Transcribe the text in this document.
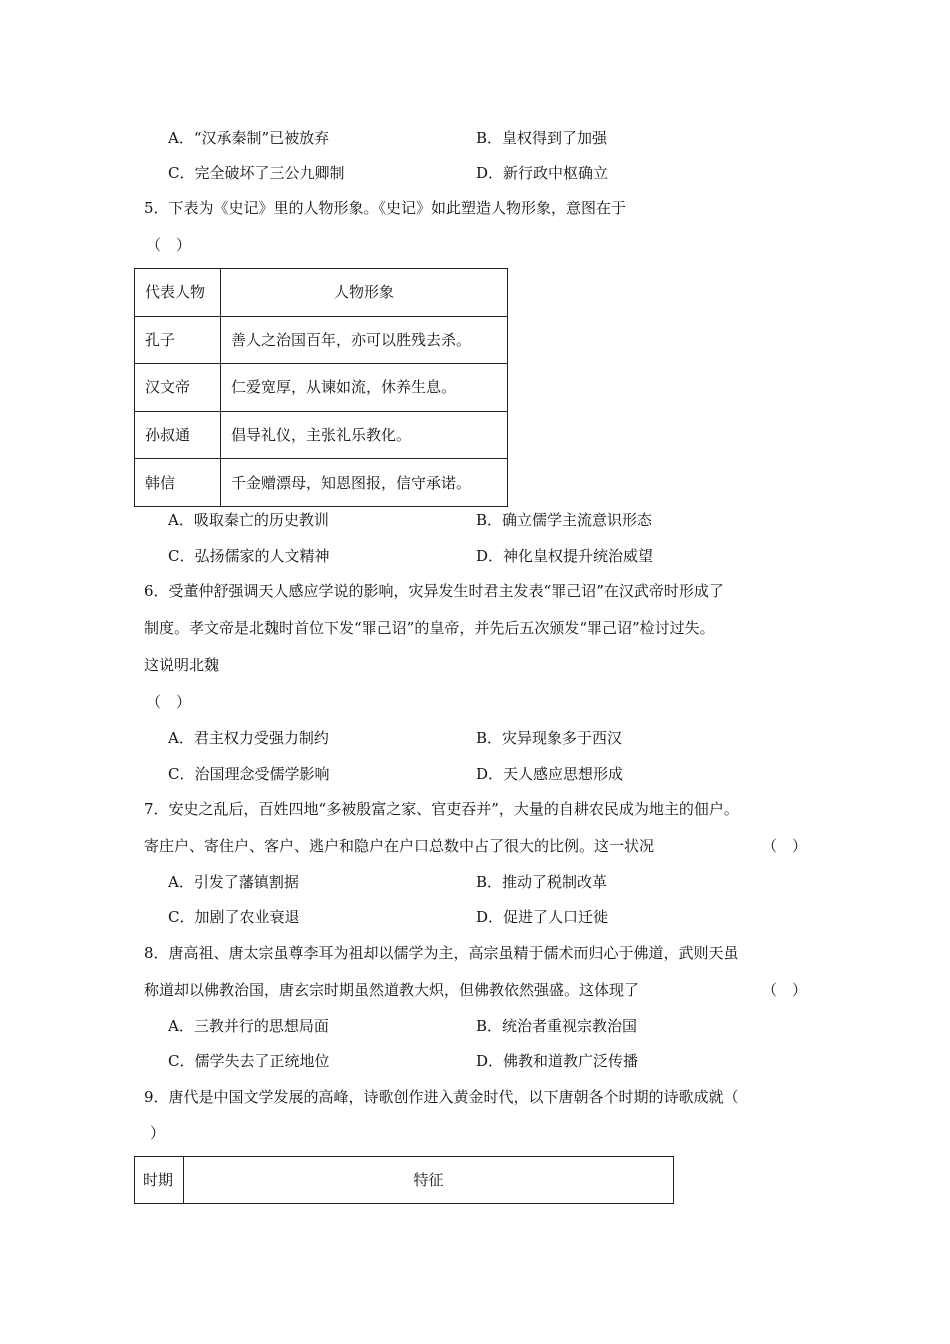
A．“汉承秦制”已被放弃	B．皇权得到了加强
C．完全破坏了三公九卿制	D．新行政中枢确立
5．下表为《史记》里的人物形象。《史记》如此塑造人物形象，意图在于
（　）
代表人物	人物形象
孔子	善人之治国百年，亦可以胜残去杀。
汉文帝	仁爱宽厚，从谏如流，休养生息。
孙叔通	倡导礼仪，主张礼乐教化。
韩信	千金赠漂母，知恩图报，信守承诺。
A．吸取秦亡的历史教训	B．确立儒学主流意识形态
C．弘扬儒家的人文精神	D．神化皇权提升统治威望
6．受董仲舒强调天人感应学说的影响，灾异发生时君主发表“罪己诏”在汉武帝时形成了
制度。孝文帝是北魏时首位下发“罪己诏”的皇帝，并先后五次颁发“罪己诏”检讨过失。
这说明北魏
（　）
A．君主权力受强力制约	B．灾异现象多于西汉
C．治国理念受儒学影响	D．天人感应思想形成
7．安史之乱后，百姓四地“多被殷富之家、官吏吞并”，大量的自耕农民成为地主的佃户。
寄庄户、寄住户、客户、逃户和隐户在户口总数中占了很大的比例。这一状况	（　）
A．引发了藩镇割据	B．推动了税制改革
C．加剧了农业衰退	D．促进了人口迁徙
8．唐高祖、唐太宗虽尊李耳为祖却以儒学为主，高宗虽精于儒术而归心于佛道，武则天虽
称道却以佛教治国，唐玄宗时期虽然道教大炽，但佛教依然强盛。这体现了	（　）
A．三教并行的思想局面	B．统治者重视宗教治国
C．儒学失去了正统地位	D．佛教和道教广泛传播
9．唐代是中国文学发展的高峰，诗歌创作进入黄金时代，以下唐朝各个时期的诗歌成就（
）
时期	特征
